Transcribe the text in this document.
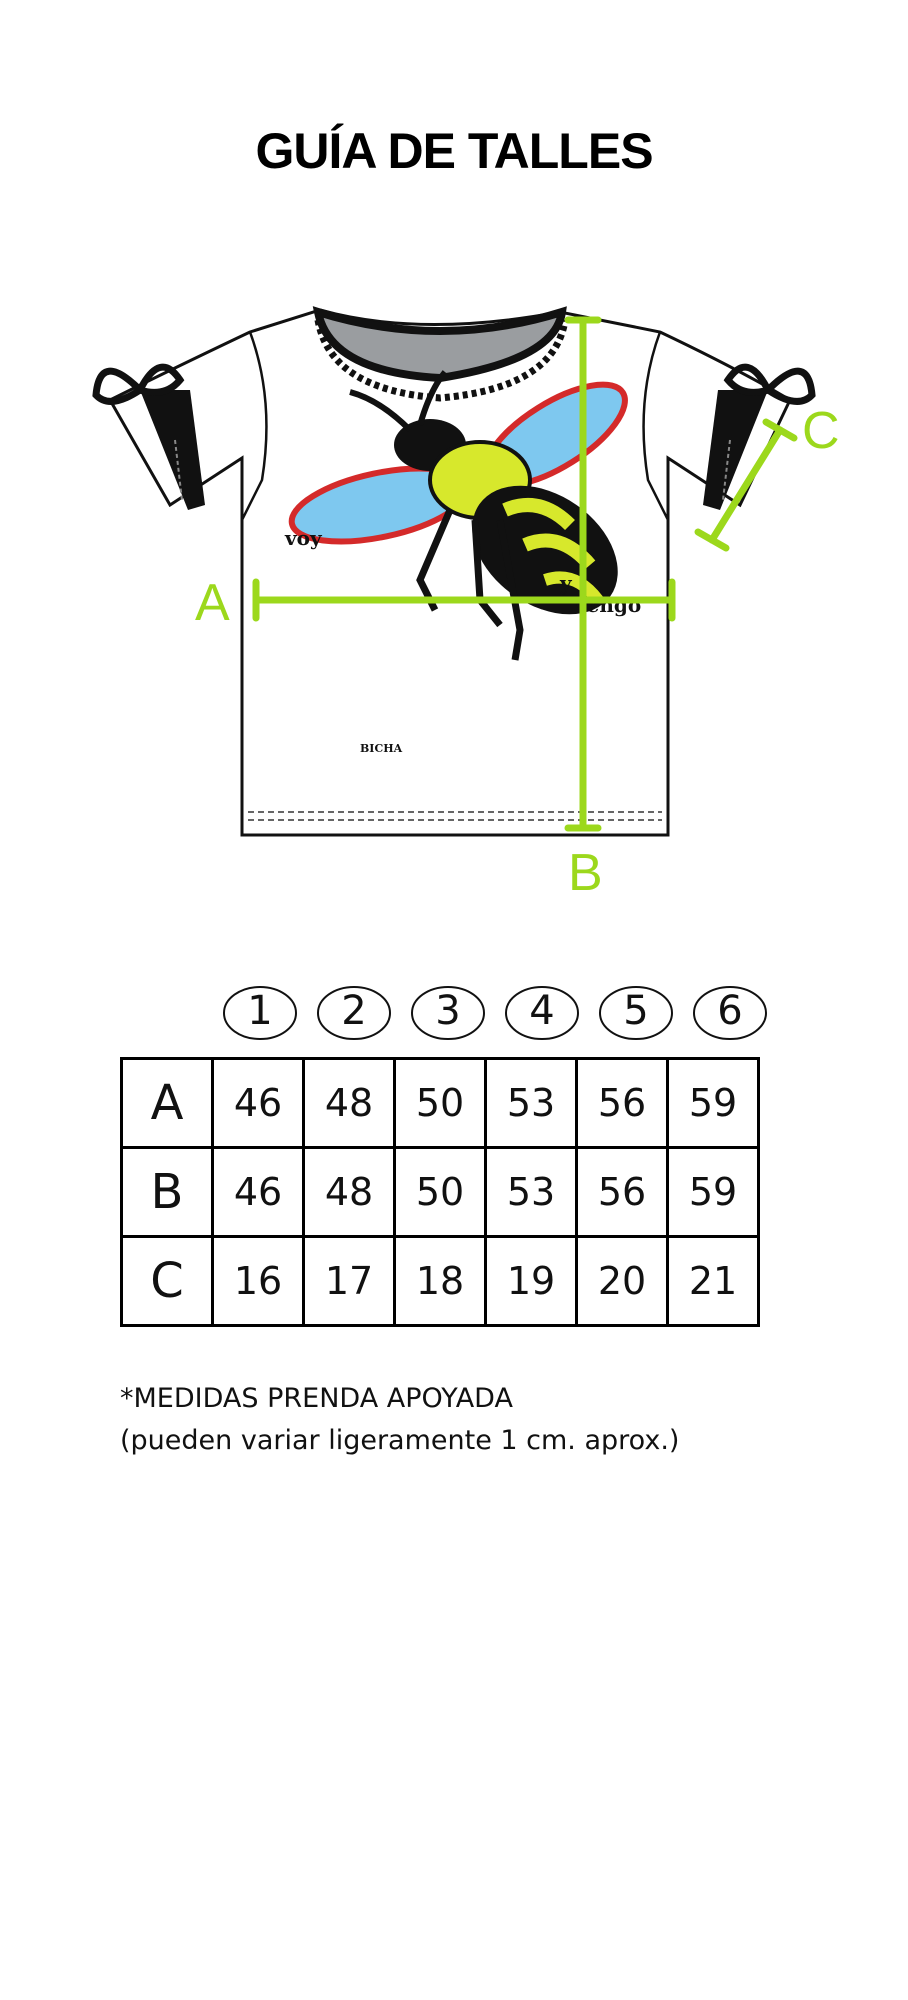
GUÍA DE TALLES
voy
y
vengo
BICHA
A
B
C
1	2	3	4	5	6
A	46	48	50	53	56	59
B	46	48	50	53	56	59
C	16	17	18	19	20	21
*MEDIDAS PRENDA APOYADA
(pueden variar ligeramente 1 cm. aprox.)
